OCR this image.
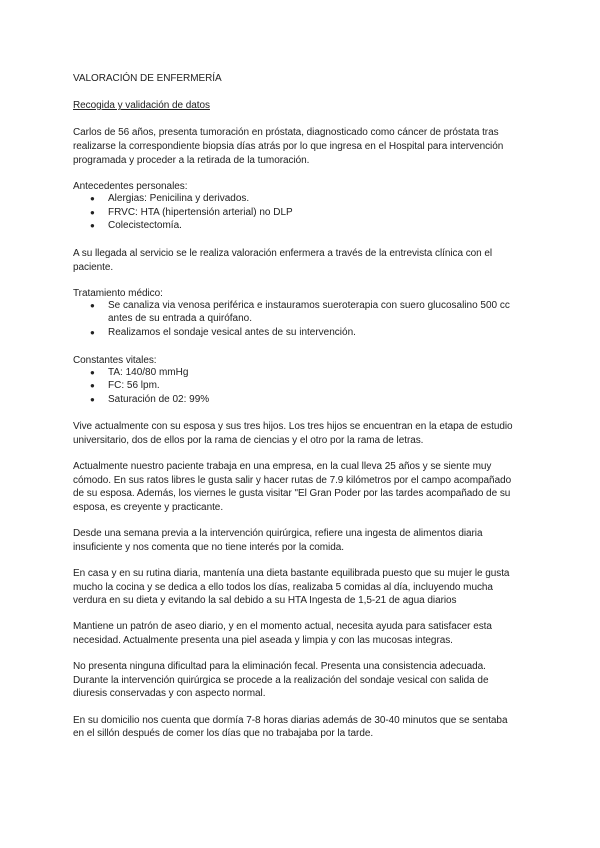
VALORACIÓN DE ENFERMERÍA
Recogida y validación de datos
Carlos de 56 años, presenta tumoración en próstata, diagnosticado como cáncer de próstata tras
realizarse la correspondiente biopsia días atrás por lo que ingresa en el Hospital para intervención
programada y proceder a la retirada de la tumoración.
Antecedentes personales:
● Alergias: Penicilina y derivados.
● FRVC: HTA (hipertensión arterial) no DLP
● Colecistectomía.
A su llegada al servicio se le realiza valoración enfermera a través de la entrevista clínica con el
paciente.
Tratamiento médico:
● Se canaliza via venosa periférica e instauramos sueroterapia con suero glucosalino 500 cc
antes de su entrada a quirófano.
● Realizamos el sondaje vesical antes de su intervención.
Constantes vitales:
● TA: 140/80 mmHg
● FC: 56 lpm.
● Saturación de 02: 99%
Vive actualmente con su esposa y sus tres hijos. Los tres hijos se encuentran en la etapa de estudio
universitario, dos de ellos por la rama de ciencias y el otro por la rama de letras.
Actualmente nuestro paciente trabaja en una empresa, en la cual lleva 25 años y se siente muy
cómodo. En sus ratos libres le gusta salir y hacer rutas de 7.9 kilómetros por el campo acompañado
de su esposa. Además, los viernes le gusta visitar "El Gran Poder por las tardes acompañado de su
esposa, es creyente y practicante.
Desde una semana previa a la intervención quirúrgica, refiere una ingesta de alimentos diaria
insuficiente y nos comenta que no tiene interés por la comida.
En casa y en su rutina diaria, mantenía una dieta bastante equilibrada puesto que su mujer le gusta
mucho la cocina y se dedica a ello todos los días, realizaba 5 comidas al día, incluyendo mucha
verdura en su dieta y evitando la sal debido a su HTA Ingesta de 1,5-21 de agua diarios
Mantiene un patrón de aseo diario, y en el momento actual, necesita ayuda para satisfacer esta
necesidad. Actualmente presenta una piel aseada y limpia y con las mucosas integras.
No presenta ninguna dificultad para la eliminación fecal. Presenta una consistencia adecuada.
Durante la intervención quirúrgica se procede a la realización del sondaje vesical con salida de
diuresis conservadas y con aspecto normal.
En su domicilio nos cuenta que dormía 7-8 horas diarias además de 30-40 minutos que se sentaba
en el sillón después de comer los días que no trabajaba por la tarde.
